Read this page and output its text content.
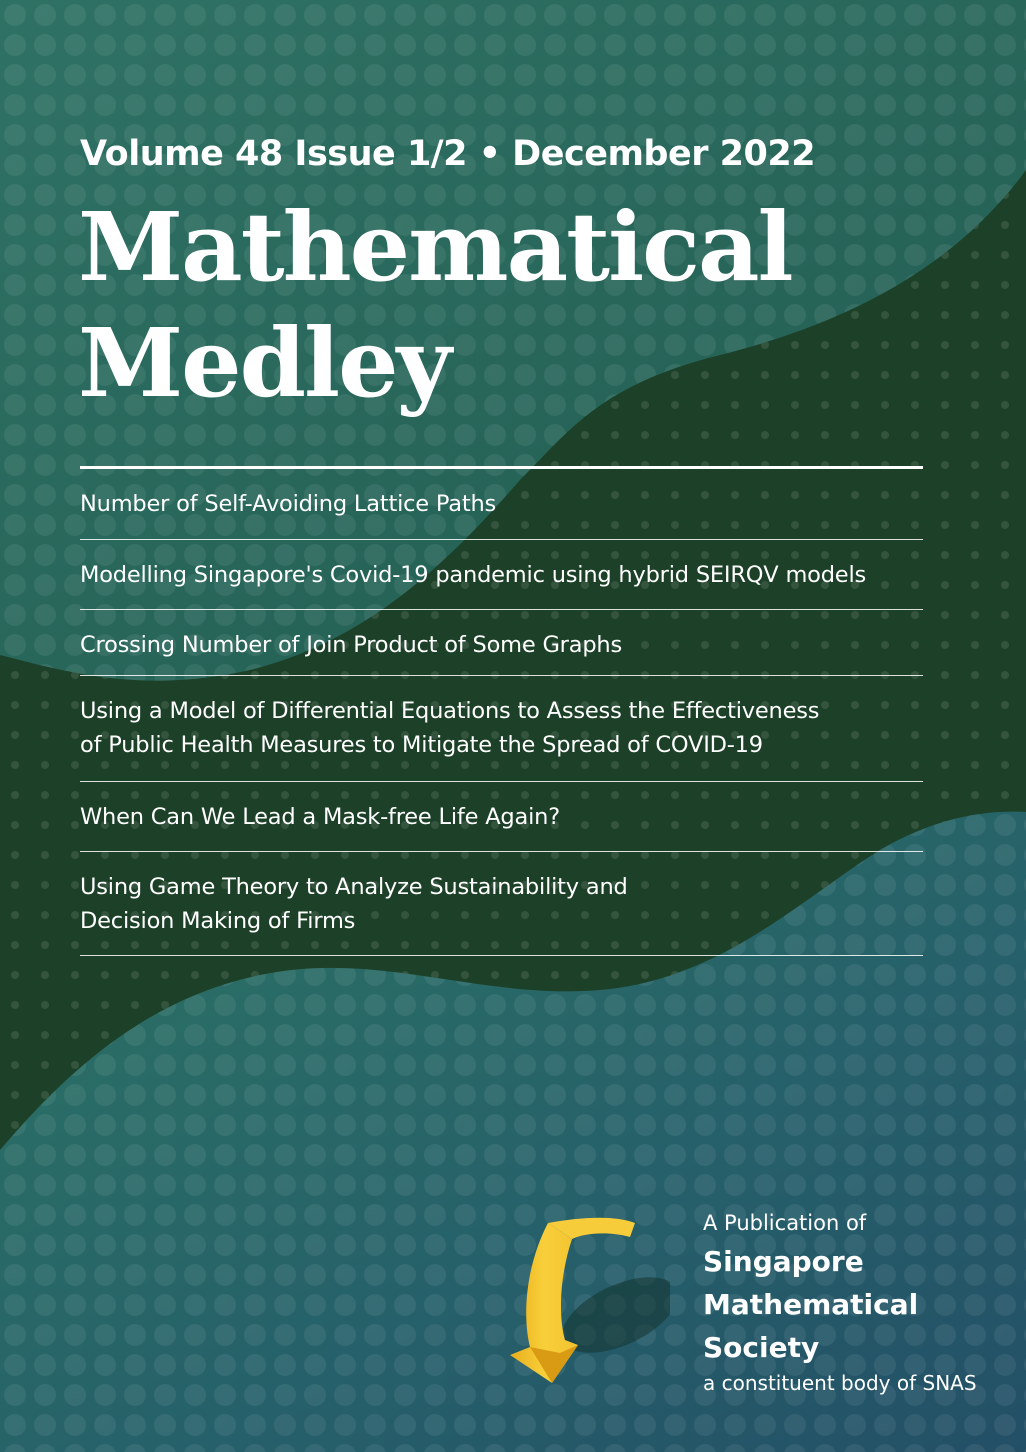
Volume 48 Issue 1/2 • December 2022

Mathematical
Medley
Number of Self-Avoiding Lattice Paths
Modelling Singapore's Covid-19 pandemic using hybrid SEIRQV models
Crossing Number of Join Product of Some Graphs
Using a Model of Differential Equations to Assess the Effectiveness
of Public Health Measures to Mitigate the Spread of COVID-19
When Can We Lead a Mask-free Life Again?
Using Game Theory to Analyze Sustainability and
Decision Making of Firms
A Publication of
Singapore
Mathematical
Society
a constituent body of SNAS
